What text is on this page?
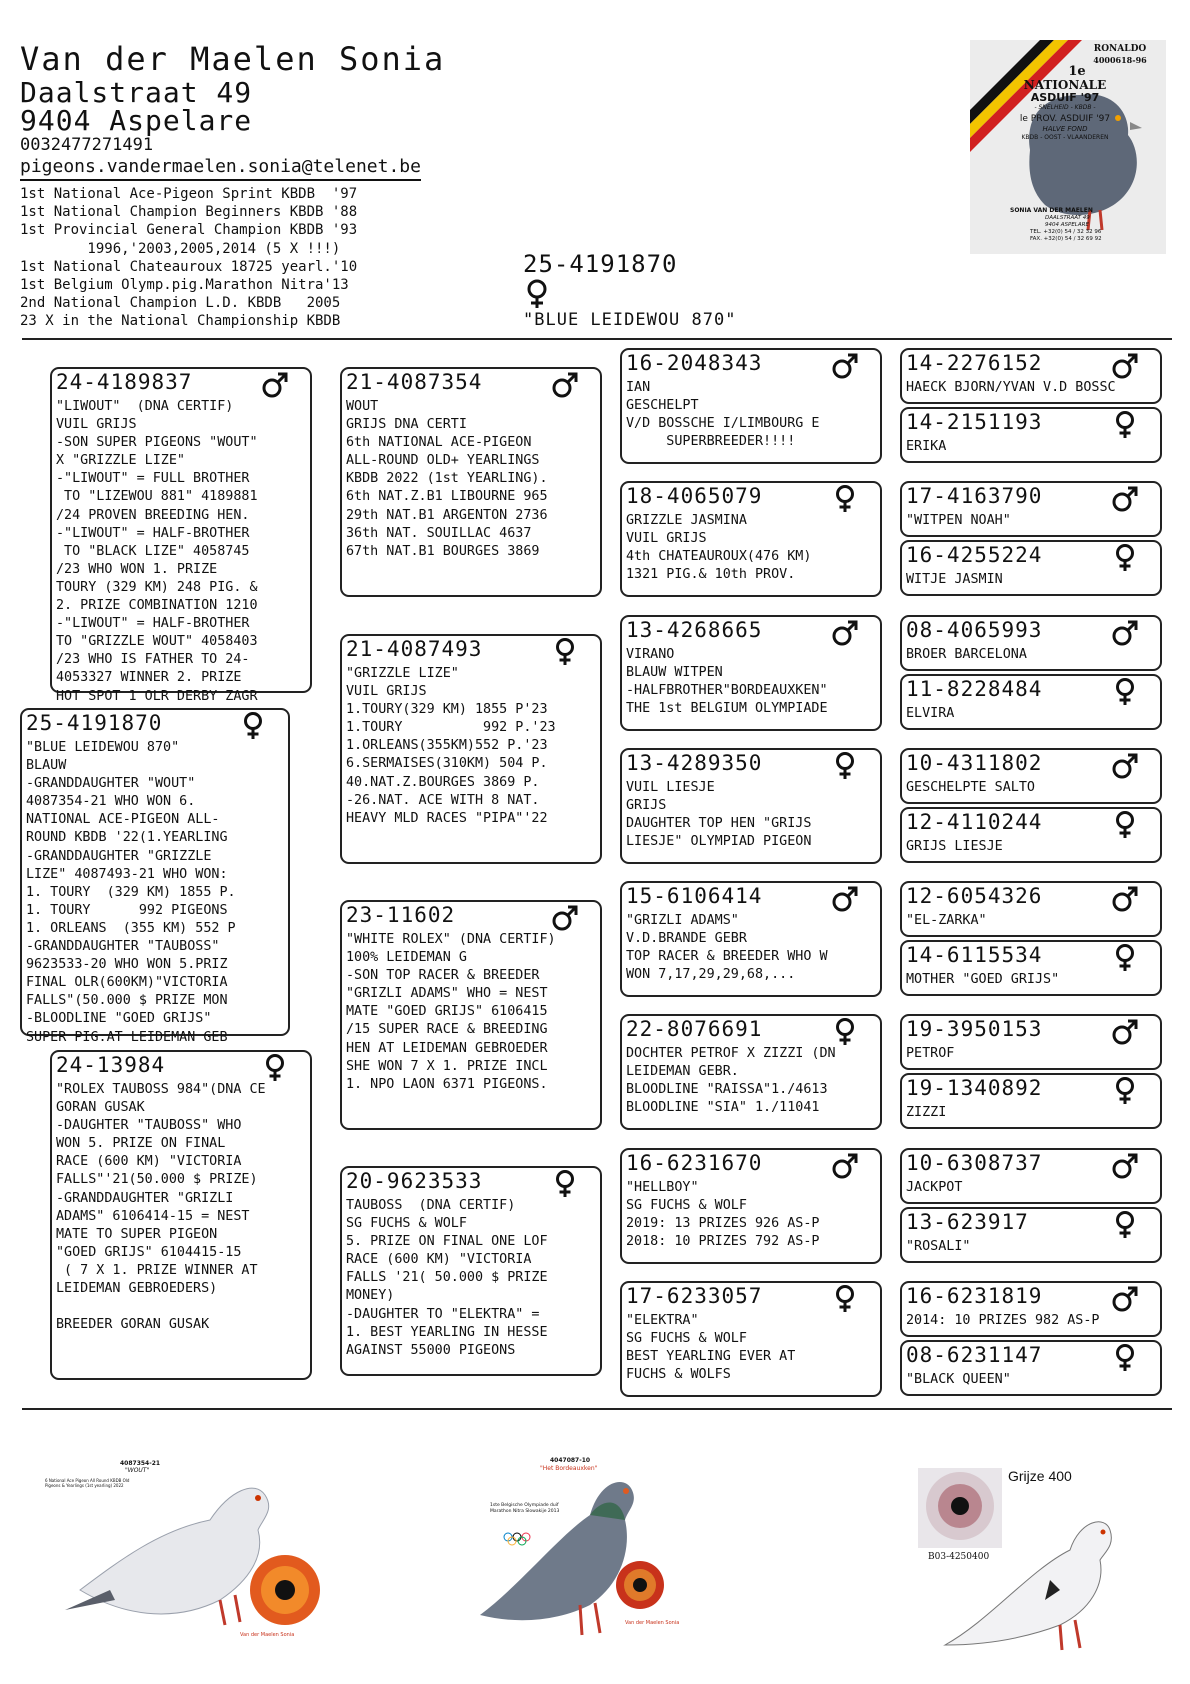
Van der Maelen Sonia
Daalstraat 49
9404 Aspelare
0032477271491
pigeons.vandermaelen.sonia@telenet.be
1st National Ace-Pigeon Sprint KBDB  '97
1st National Champion Beginners KBDB '88
1st Provincial General Champion KBDB '93
1996,'2003,2005,2014 (5 X !!!)
1st National Chateauroux 18725 yearl.'10
1st Belgium Olymp.pig.Marathon Nitra'13
2nd National Champion L.D. KBDB   2005
23 X in the National Championship KBDB
25-4191870
"BLUE LEIDEWOU 870"
RONALDO
4000618-96
1e
NATIONALE
ASDUIF '97
- SNELHEID - KBDB -
le PROV. ASDUIF '97
HALVE FOND
KBDB - OOST - VLAANDEREN
SONIA VAN DER MAELEN
DAALSTRAAT 49
9404 ASPELARE
TEL. +32(0) 54 / 32 32 96
FAX. +32(0) 54 / 32 69 92
25-4191870
"BLUE LEIDEWOU 870"
BLAUW
-GRANDDAUGHTER "WOUT"
4087354-21 WHO WON 6.
NATIONAL ACE-PIGEON ALL-
ROUND KBDB '22(1.YEARLING
-GRANDDAUGHTER "GRIZZLE
LIZE" 4087493-21 WHO WON:
1. TOURY  (329 KM) 1855 P.
1. TOURY      992 PIGEONS
1. ORLEANS  (355 KM) 552 P
-GRANDDAUGHTER "TAUBOSS"
9623533-20 WHO WON 5.PRIZ
FINAL OLR(600KM)"VICTORIA
FALLS"(50.000 $ PRIZE MON
-BLOODLINE "GOED GRIJS"
SUPER PIG.AT LEIDEMAN GEB
24-4189837
"LIWOUT"  (DNA CERTIF)
VUIL GRIJS
-SON SUPER PIGEONS "WOUT"
X "GRIZZLE LIZE"
-"LIWOUT" = FULL BROTHER
TO "LIZEWOU 881" 4189881
/24 PROVEN BREEDING HEN.
-"LIWOUT" = HALF-BROTHER
TO "BLACK LIZE" 4058745
/23 WHO WON 1. PRIZE
TOURY (329 KM) 248 PIG. &
2. PRIZE COMBINATION 1210
-"LIWOUT" = HALF-BROTHER
TO "GRIZZLE WOUT" 4058403
/23 WHO IS FATHER TO 24-
4053327 WINNER 2. PRIZE
HOT SPOT 1 OLR DERBY ZAGR
24-13984
"ROLEX TAUBOSS 984"(DNA CE
GORAN GUSAK
-DAUGHTER "TAUBOSS" WHO
WON 5. PRIZE ON FINAL
RACE (600 KM) "VICTORIA
FALLS"'21(50.000 $ PRIZE)
-GRANDDAUGHTER "GRIZLI
ADAMS" 6106414-15 = NEST
MATE TO SUPER PIGEON
"GOED GRIJS" 6104415-15
( 7 X 1. PRIZE WINNER AT
LEIDEMAN GEBROEDERS)

BREEDER GORAN GUSAK
21-4087354
WOUT
GRIJS DNA CERTI
6th NATIONAL ACE-PIGEON
ALL-ROUND OLD+ YEARLINGS
KBDB 2022 (1st YEARLING).
6th NAT.Z.B1 LIBOURNE 965
29th NAT.B1 ARGENTON 2736
36th NAT. SOUILLAC 4637
67th NAT.B1 BOURGES 3869
21-4087493
"GRIZZLE LIZE"
VUIL GRIJS
1.TOURY(329 KM) 1855 P'23
1.TOURY          992 P.'23
1.ORLEANS(355KM)552 P.'23
6.SERMAISES(310KM) 504 P.
40.NAT.Z.BOURGES 3869 P.
-26.NAT. ACE WITH 8 NAT.
HEAVY MLD RACES "PIPA"'22
23-11602
"WHITE ROLEX" (DNA CERTIF)
100% LEIDEMAN G
-SON TOP RACER & BREEDER
"GRIZLI ADAMS" WHO = NEST
MATE "GOED GRIJS" 6106415
/15 SUPER RACE & BREEDING
HEN AT LEIDEMAN GEBROEDER
SHE WON 7 X 1. PRIZE INCL
1. NPO LAON 6371 PIGEONS.
20-9623533
TAUBOSS  (DNA CERTIF)
SG FUCHS & WOLF
5. PRIZE ON FINAL ONE LOF
RACE (600 KM) "VICTORIA
FALLS '21( 50.000 $ PRIZE
MONEY)
-DAUGHTER TO "ELEKTRA" =
1. BEST YEARLING IN HESSE
AGAINST 55000 PIGEONS
16-2048343
IAN
GESCHELPT
V/D BOSSCHE I/LIMBOURG E
SUPERBREEDER!!!!
18-4065079
GRIZZLE JASMINA
VUIL GRIJS
4th CHATEAUROUX(476 KM)
1321 PIG.& 10th PROV.
13-4268665
VIRANO
BLAUW WITPEN
-HALFBROTHER"BORDEAUXKEN"
THE 1st BELGIUM OLYMPIADE
13-4289350
VUIL LIESJE
GRIJS
DAUGHTER TOP HEN "GRIJS
LIESJE" OLYMPIAD PIGEON
15-6106414
"GRIZLI ADAMS"
V.D.BRANDE GEBR
TOP RACER & BREEDER WHO W
WON 7,17,29,29,68,...
22-8076691
DOCHTER PETROF X ZIZZI (DN
LEIDEMAN GEBR.
BLOODLINE "RAISSA"1./4613
BLOODLINE "SIA" 1./11041
16-6231670
"HELLBOY"
SG FUCHS & WOLF
2019: 13 PRIZES 926 AS-P
2018: 10 PRIZES 792 AS-P
17-6233057
"ELEKTRA"
SG FUCHS & WOLF
BEST YEARLING EVER AT
FUCHS & WOLFS
14-2276152
HAECK BJORN/YVAN V.D BOSSC
14-2151193
ERIKA
17-4163790
"WITPEN NOAH"
16-4255224
WITJE JASMIN
08-4065993
BROER BARCELONA
11-8228484
ELVIRA
10-4311802
GESCHELPTE SALTO
12-4110244
GRIJS LIESJE
12-6054326
"EL-ZARKA"
14-6115534
MOTHER "GOED GRIJS"
19-3950153
PETROF
19-1340892
ZIZZI
10-6308737
JACKPOT
13-623917
"ROSALI"
16-6231819
2014: 10 PRIZES 982 AS-P
08-6231147
"BLACK QUEEN"
4087354-21
"WOUT"
6 National Ace Pigeon All Round KBDB Old Pigeons & Yearlings (1st yearling) 2022
Van der Maelen Sonia
4047087-10
"Het Bordeauxken"
1ste Belgische Olympiade duif Marathon Nitra Slowakije 2013
Van der Maelen Sonia
Grijze 400
B03-4250400
